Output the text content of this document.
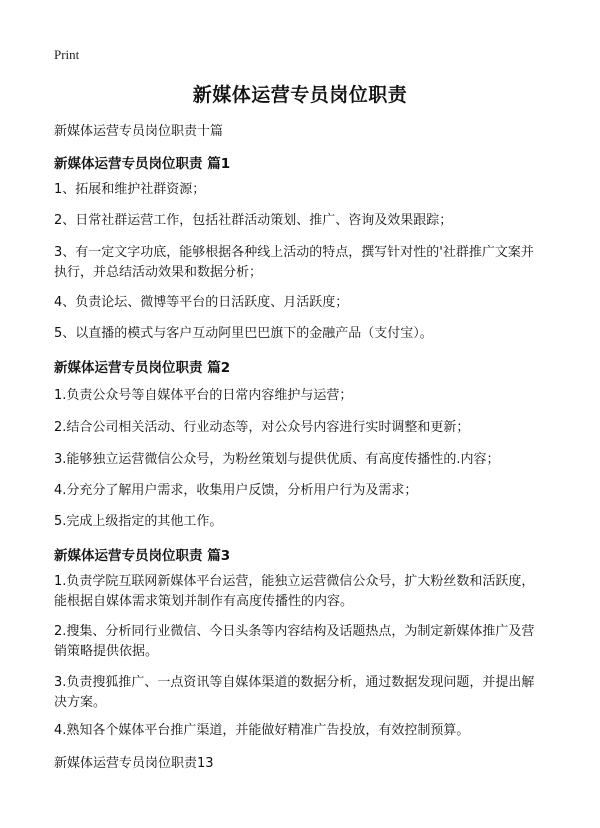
Print
新媒体运营专员岗位职责
新媒体运营专员岗位职责十篇
新媒体运营专员岗位职责 篇1
1、拓展和维护社群资源；
2、日常社群运营工作，包括社群活动策划、推广、咨询及效果跟踪；
3、有一定文字功底，能够根据各种线上活动的特点，撰写针对性的'社群推广文案并执行，并总结活动效果和数据分析；
4、负责论坛、微博等平台的日活跃度、月活跃度；
5、以直播的模式与客户互动阿里巴巴旗下的金融产品（支付宝）。
新媒体运营专员岗位职责 篇2
1.负责公众号等自媒体平台的日常内容维护与运营；
2.结合公司相关活动、行业动态等，对公众号内容进行实时调整和更新；
3.能够独立运营微信公众号，为粉丝策划与提供优质、有高度传播性的.内容；
4.分充分了解用户需求，收集用户反馈，分析用户行为及需求；
5.完成上级指定的其他工作。
新媒体运营专员岗位职责 篇3
1.负责学院互联网新媒体平台运营，能独立运营微信公众号，扩大粉丝数和活跃度，能根据自媒体需求策划并制作有高度传播性的内容。
2.搜集、分析同行业微信、今日头条等内容结构及话题热点，为制定新媒体推广及营销策略提供依据。
3.负责搜狐推广、一点资讯等自媒体渠道的数据分析，通过数据发现问题，并提出解决方案。
4.熟知各个媒体平台推广渠道，并能做好精准广告投放，有效控制预算。
新媒体运营专员岗位职责13
